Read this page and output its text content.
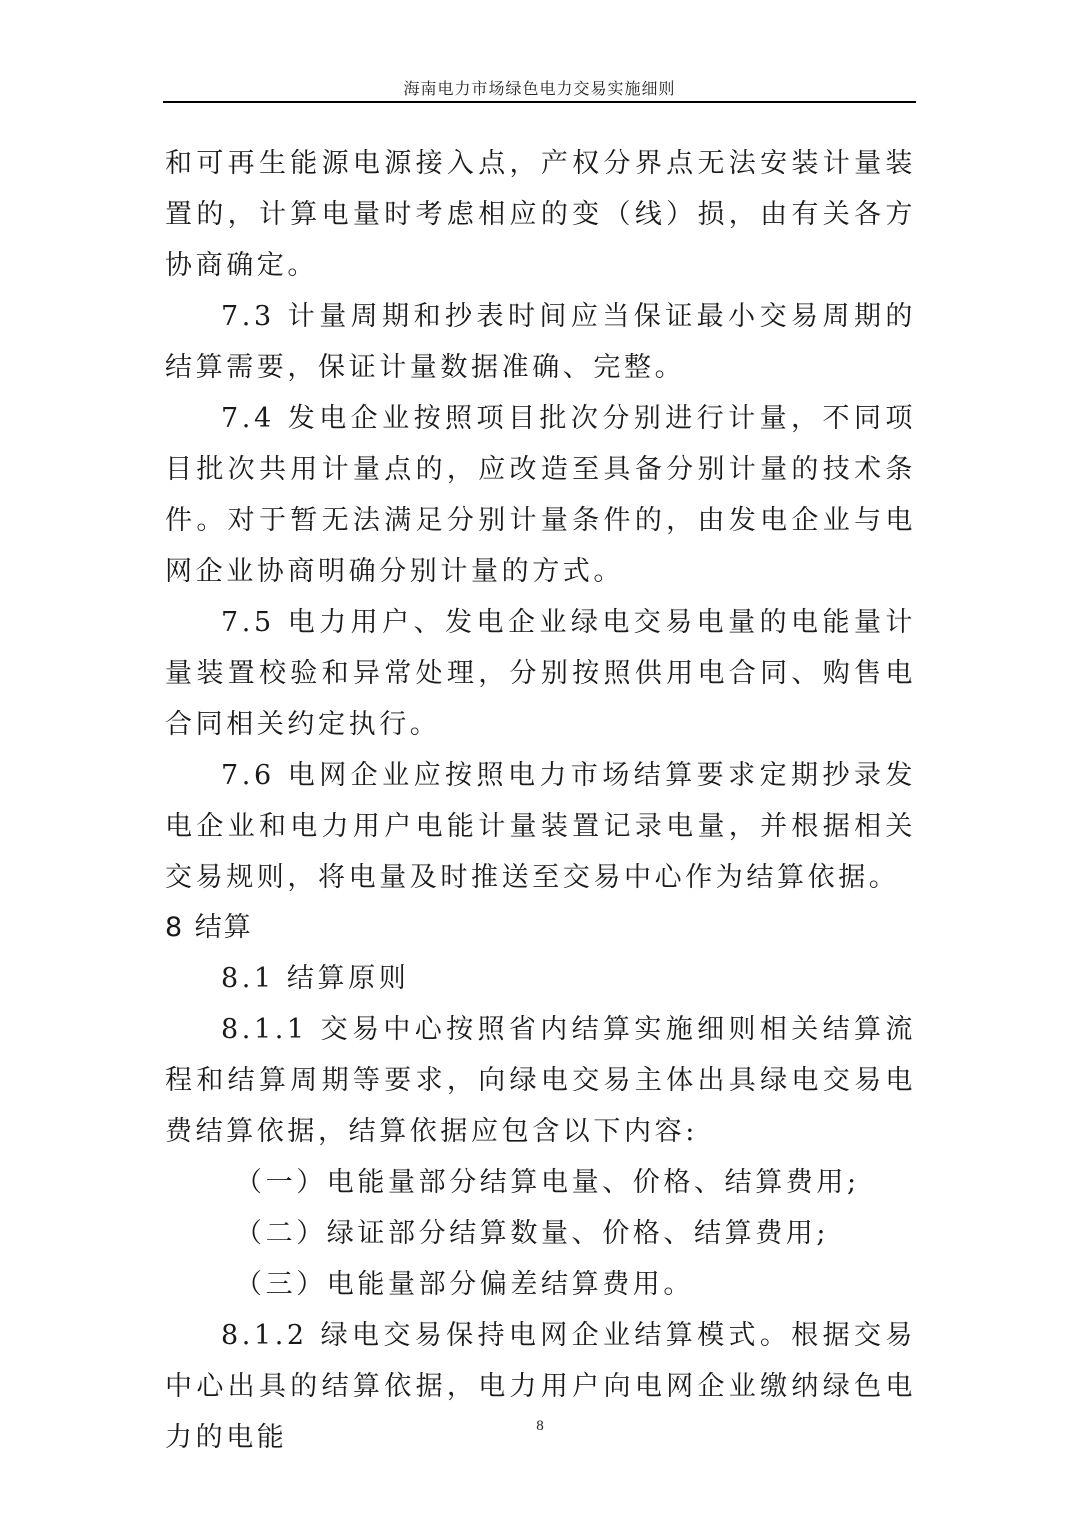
海南电力市场绿色电力交易实施细则

和可再生能源电源接入点，产权分界点无法安装计量装置的，计算电量时考虑相应的变（线）损，由有关各方协商确定。

7.3 计量周期和抄表时间应当保证最小交易周期的结算需要，保证计量数据准确、完整。

7.4 发电企业按照项目批次分别进行计量，不同项目批次共用计量点的，应改造至具备分别计量的技术条件。对于暂无法满足分别计量条件的，由发电企业与电网企业协商明确分别计量的方式。

7.5 电力用户、发电企业绿电交易电量的电能量计量装置校验和异常处理，分别按照供用电合同、购售电合同相关约定执行。

7.6 电网企业应按照电力市场结算要求定期抄录发电企业和电力用户电能计量装置记录电量，并根据相关交易规则，将电量及时推送至交易中心作为结算依据。

8 结算

8.1 结算原则

8.1.1 交易中心按照省内结算实施细则相关结算流程和结算周期等要求，向绿电交易主体出具绿电交易电费结算依据，结算依据应包含以下内容:

（一）电能量部分结算电量、价格、结算费用;

（二）绿证部分结算数量、价格、结算费用;

（三）电能量部分偏差结算费用。

8.1.2 绿电交易保持电网企业结算模式。根据交易中心出具的结算依据，电力用户向电网企业缴纳绿色电力的电能	8
